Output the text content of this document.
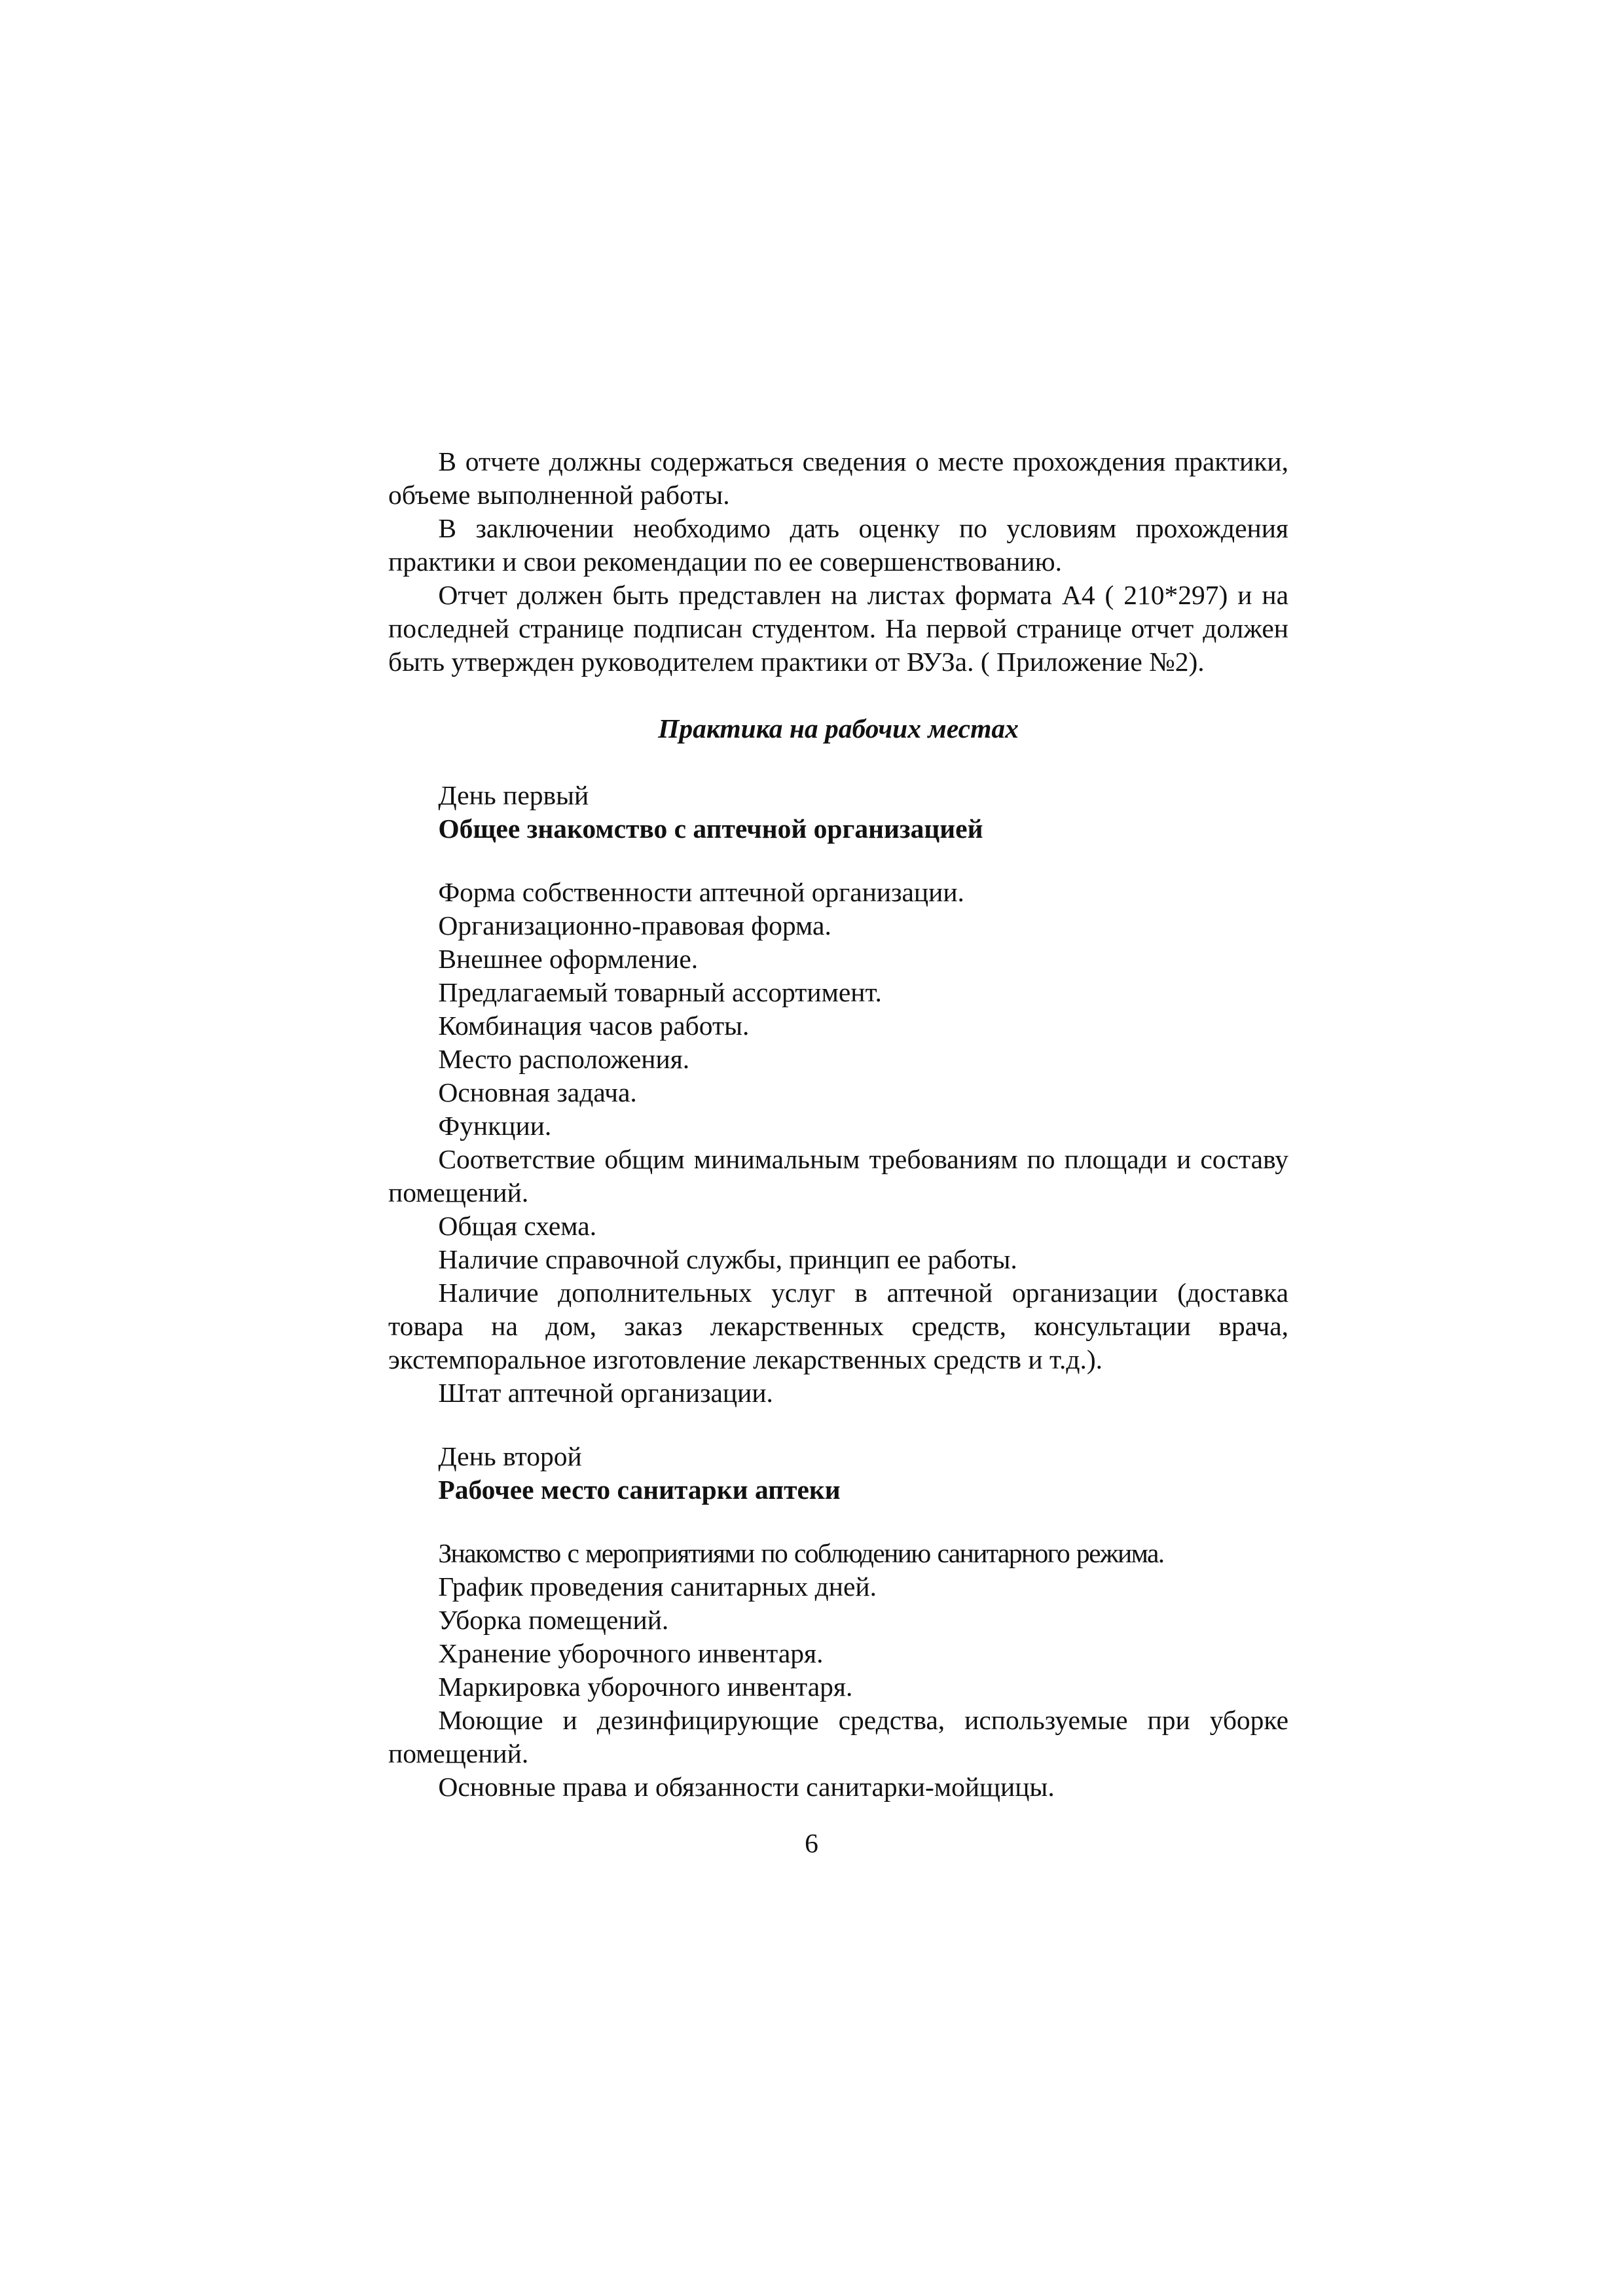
В отчете должны содержаться сведения о месте прохождения практики, объеме выполненной работы.

В заключении необходимо дать оценку по условиям прохождения практики и свои рекомендации по ее совершенствованию.

Отчет должен быть представлен на листах формата А4 ( 210*297) и на последней странице подписан студентом. На первой странице отчет должен быть утвержден руководителем практики от ВУЗа. ( Приложение №2).

Практика на рабочих местах

День первый

Общее знакомство с аптечной организацией

Форма собственности аптечной организации.

Организационно-правовая форма.

Внешнее оформление.

Предлагаемый товарный ассортимент.

Комбинация часов работы.

Место расположения.

Основная задача.

Функции.

Соответствие общим минимальным требованиям по площади и составу помещений.

Общая схема.

Наличие справочной службы, принцип ее работы.

Наличие дополнительных услуг в аптечной организации (доставка товара на дом, заказ лекарственных средств, консультации врача, экстемпоральное изготовление лекарственных средств и т.д.).

Штат аптечной организации.

День второй

Рабочее место санитарки аптеки

Знакомство с мероприятиями по соблюдению санитарного режима.

График проведения санитарных дней.

Уборка помещений.

Хранение уборочного инвентаря.

Маркировка уборочного инвентаря.

Моющие и дезинфицирующие средства, используемые при уборке помещений.

Основные права и обязанности санитарки-мойщицы.

6
